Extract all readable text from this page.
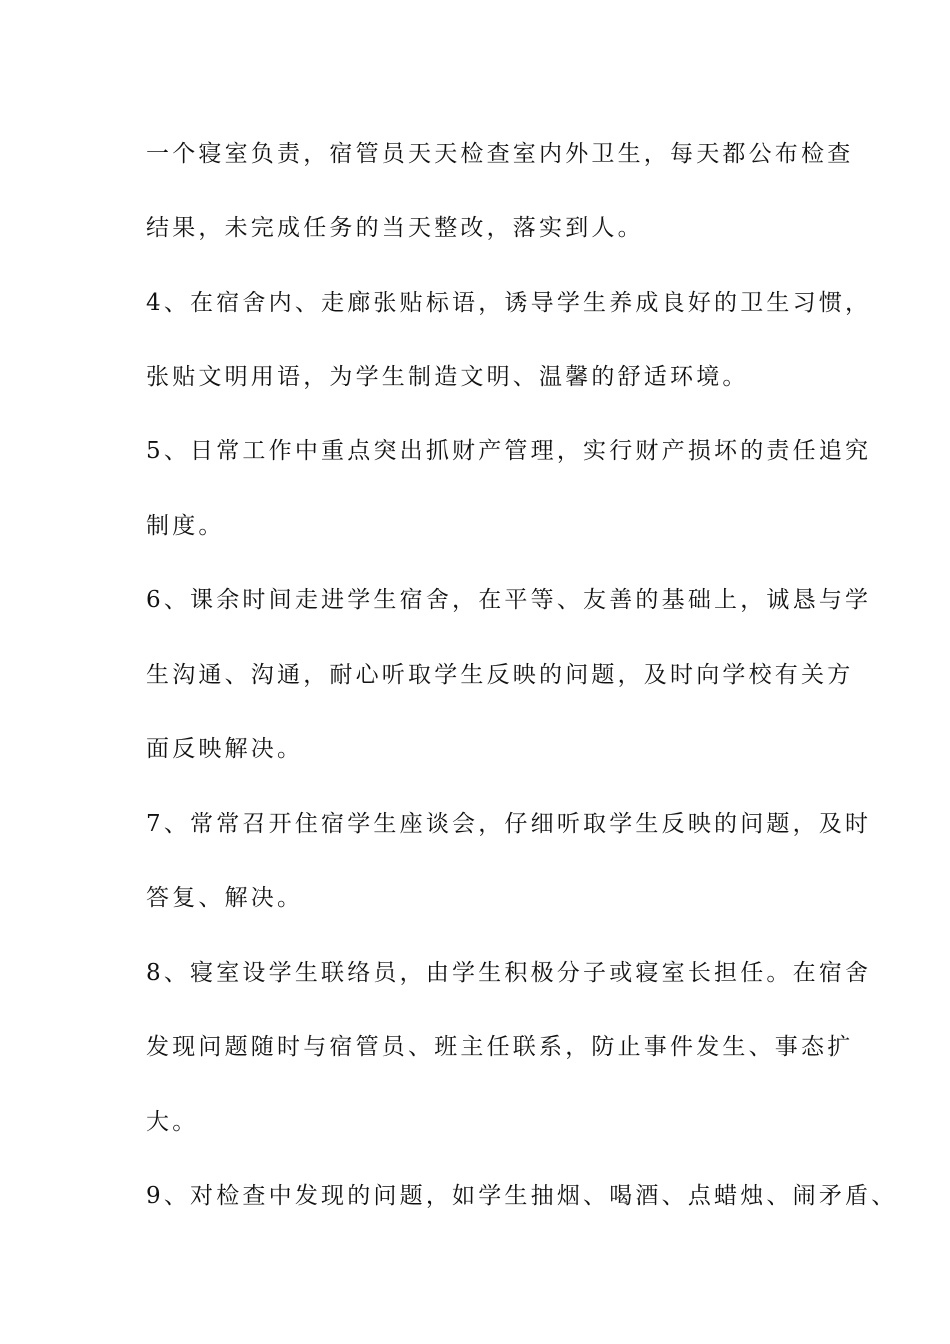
一个寝室负责，宿管员天天检查室内外卫生，每天都公布检查
结果，未完成任务的当天整改，落实到人。
4、在宿舍内、走廊张贴标语，诱导学生养成良好的卫生习惯，
张贴文明用语，为学生制造文明、温馨的舒适环境。
5、日常工作中重点突出抓财产管理，实行财产损坏的责任追究
制度。
6、课余时间走进学生宿舍，在平等、友善的基础上，诚恳与学
生沟通、沟通，耐心听取学生反映的问题，及时向学校有关方
面反映解决。
7、常常召开住宿学生座谈会，仔细听取学生反映的问题，及时
答复、解决。
8、寝室设学生联络员，由学生积极分子或寝室长担任。在宿舍
发现问题随时与宿管员、班主任联系，防止事件发生、事态扩
大。
9、对检查中发现的问题，如学生抽烟、喝酒、点蜡烛、闹矛盾、
